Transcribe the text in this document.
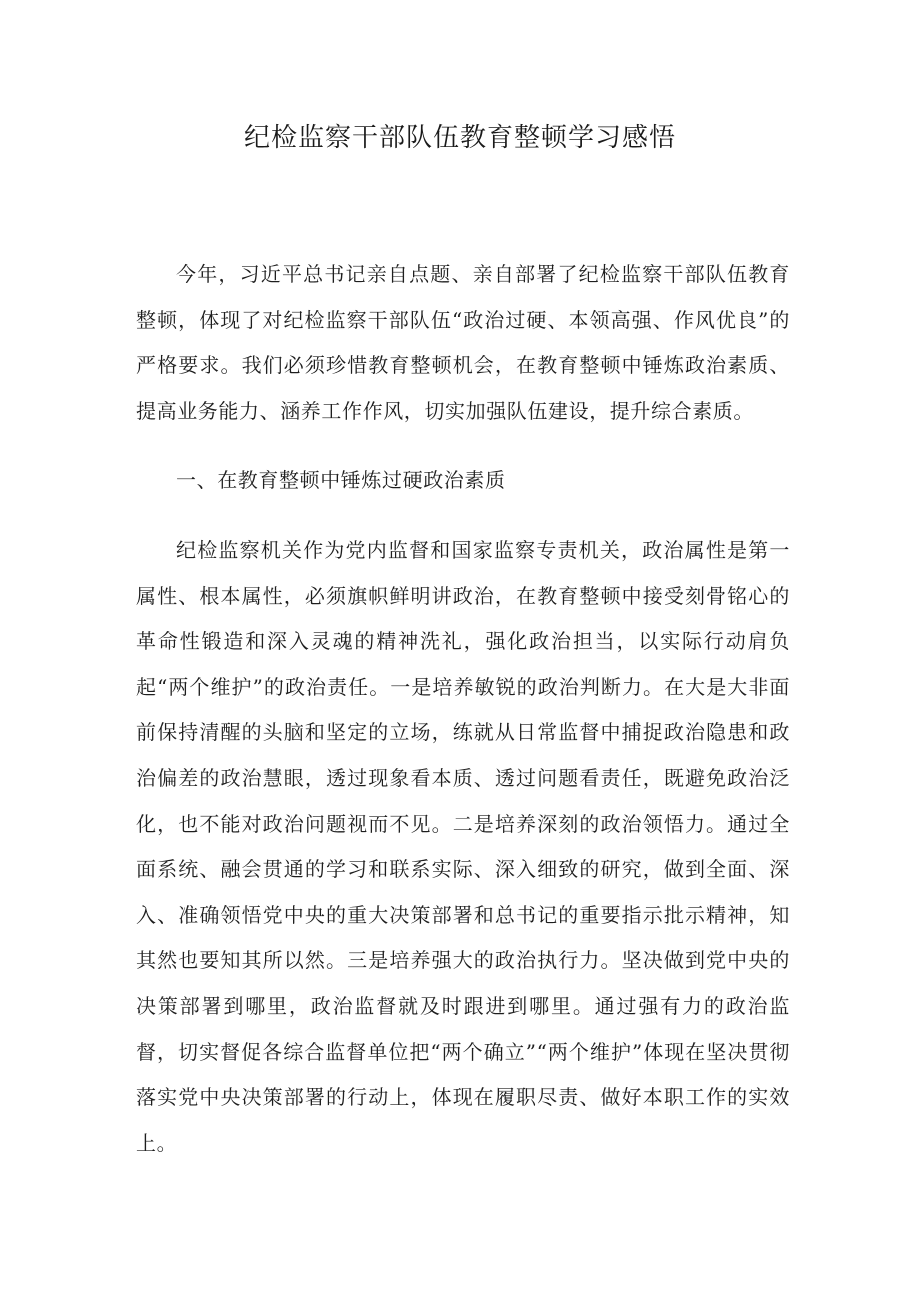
纪检监察干部队伍教育整顿学习感悟

今年，习近平总书记亲自点题、亲自部署了纪检监察干部队伍教育整顿，体现了对纪检监察干部队伍“政治过硬、本领高强、作风优良”的严格要求。我们必须珍惜教育整顿机会，在教育整顿中锤炼政治素质、提高业务能力、涵养工作作风，切实加强队伍建设，提升综合素质。

一、在教育整顿中锤炼过硬政治素质

纪检监察机关作为党内监督和国家监察专责机关，政治属性是第一属性、根本属性，必须旗帜鲜明讲政治，在教育整顿中接受刻骨铭心的革命性锻造和深入灵魂的精神洗礼，强化政治担当，以实际行动肩负起“两个维护”的政治责任。一是培养敏锐的政治判断力。在大是大非面前保持清醒的头脑和坚定的立场，练就从日常监督中捕捉政治隐患和政治偏差的政治慧眼，透过现象看本质、透过问题看责任，既避免政治泛化，也不能对政治问题视而不见。二是培养深刻的政治领悟力。通过全面系统、融会贯通的学习和联系实际、深入细致的研究，做到全面、深入、准确领悟党中央的重大决策部署和总书记的重要指示批示精神，知其然也要知其所以然。三是培养强大的政治执行力。坚决做到党中央的决策部署到哪里，政治监督就及时跟进到哪里。通过强有力的政治监督，切实督促各综合监督单位把“两个确立”“两个维护”体现在坚决贯彻落实党中央决策部署的行动上，体现在履职尽责、做好本职工作的实效上。
